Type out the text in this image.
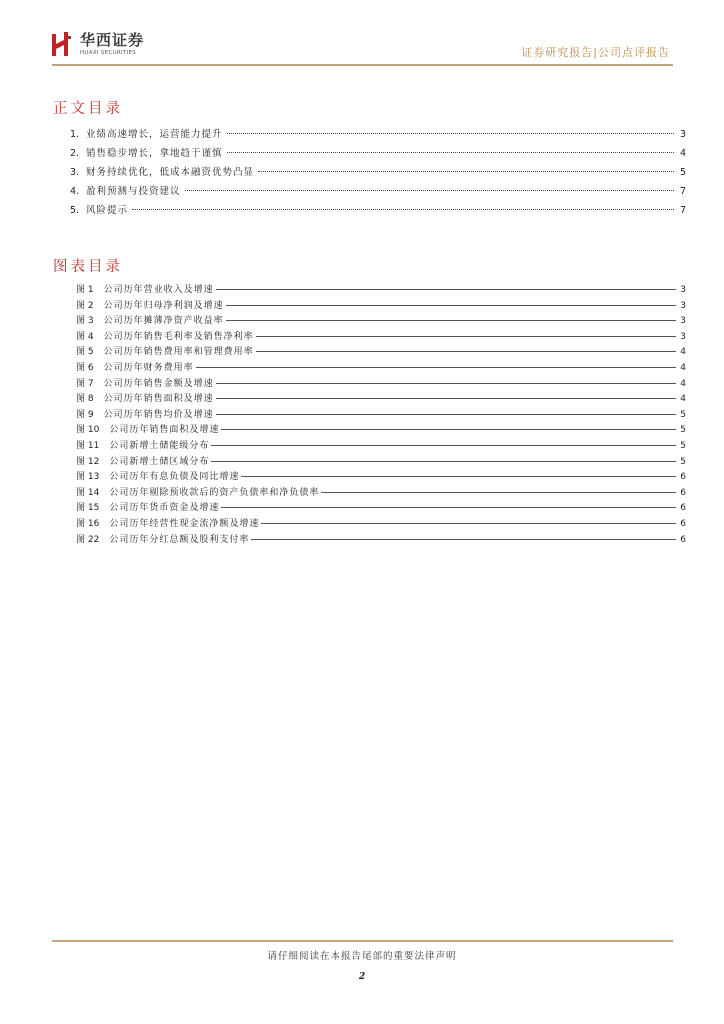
华西证券
HUAXI SECURITIES	证券研究报告|公司点评报告
正文目录
1. 业绩高速增长，运营能力提升	3
2. 销售稳步增长，拿地趋于谨慎	4
3. 财务持续优化，低成本融资优势凸显	5
4. 盈利预测与投资建议	7
5. 风险提示	7
图表目录
图 1 公司历年营业收入及增速	3
图 2 公司历年归母净利润及增速	3
图 3 公司历年摊薄净资产收益率	3
图 4 公司历年销售毛利率及销售净利率	3
图 5 公司历年销售费用率和管理费用率	4
图 6 公司历年财务费用率	4
图 7 公司历年销售金额及增速	4
图 8 公司历年销售面积及增速	4
图 9 公司历年销售均价及增速	5
图 10 公司历年销售面积及增速	5
图 11 公司新增土储能级分布	5
图 12 公司新增土储区域分布	5
图 13 公司历年有息负债及同比增速	6
图 14 公司历年剔除预收款后的资产负债率和净负债率	6
图 15 公司历年货币资金及增速	6
图 16 公司历年经营性现金流净额及增速	6
图 22 公司历年分红总额及股利支付率	6
请仔细阅读在本报告尾部的重要法律声明
2
